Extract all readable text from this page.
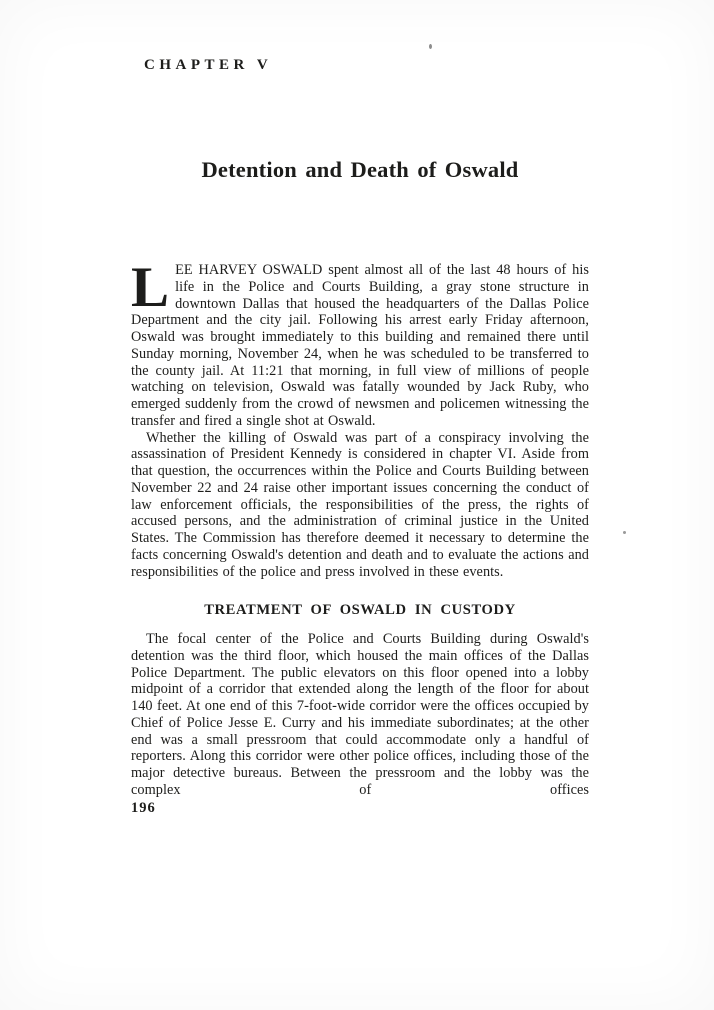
CHAPTER V
Detention and Death of Oswald

LEE HARVEY OSWALD spent almost all of the last 48 hours of his life in the Police and Courts Building, a gray stone structure in downtown Dallas that housed the headquarters of the Dallas Police Department and the city jail. Following his arrest early Friday afternoon, Oswald was brought immediately to this building and remained there until Sunday morning, November 24, when he was scheduled to be transferred to the county jail. At 11:21 that morning, in full view of millions of people watching on television, Oswald was fatally wounded by Jack Ruby, who emerged suddenly from the crowd of newsmen and policemen witnessing the transfer and fired a single shot at Oswald.

Whether the killing of Oswald was part of a conspiracy involving the assassination of President Kennedy is considered in chapter VI. Aside from that question, the occurrences within the Police and Courts Building between November 22 and 24 raise other important issues concerning the conduct of law enforcement officials, the responsibilities of the press, the rights of accused persons, and the administration of criminal justice in the United States. The Commission has therefore deemed it necessary to determine the facts concerning Oswald's detention and death and to evaluate the actions and responsibilities of the police and press involved in these events.

TREATMENT OF OSWALD IN CUSTODY

The focal center of the Police and Courts Building during Oswald's detention was the third floor, which housed the main offices of the Dallas Police Department. The public elevators on this floor opened into a lobby midpoint of a corridor that extended along the length of the floor for about 140 feet. At one end of this 7-foot-wide corridor were the offices occupied by Chief of Police Jesse E. Curry and his immediate subordinates; at the other end was a small pressroom that could accommodate only a handful of reporters. Along this corridor were other police offices, including those of the major detective bureaus. Between the pressroom and the lobby was the complex of offices

196
